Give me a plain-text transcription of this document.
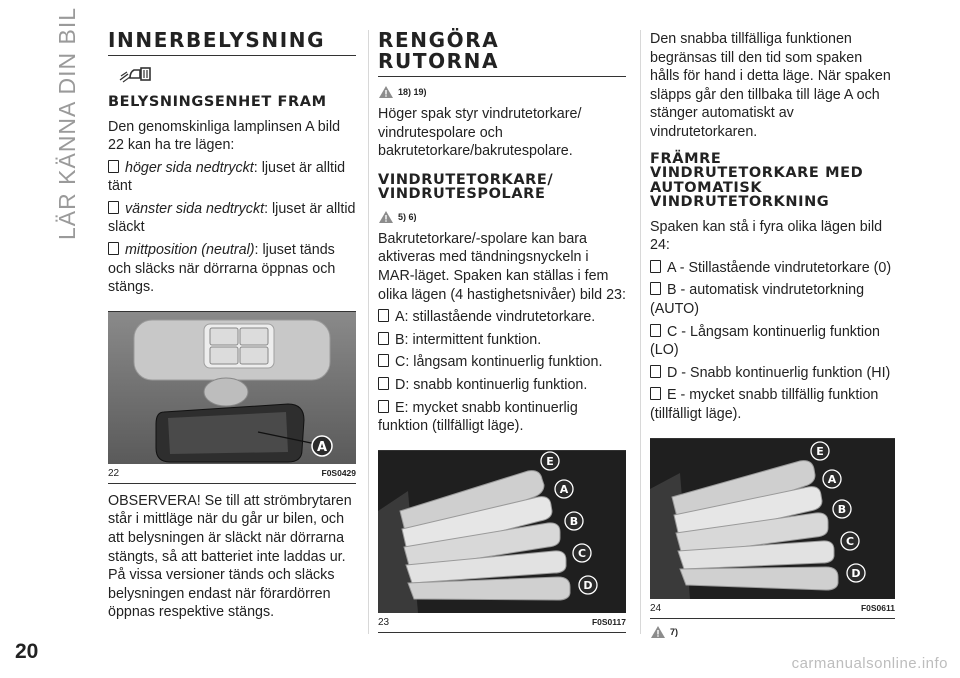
LÄR KÄNNA DIN BIL
20
carmanualsonline.info
INNERBELYSNING
BELYSNINGSENHET FRAM

Den genomskinliga lamplinsen A bild 22 kan ha tre lägen:

höger sida nedtryckt: ljuset är alltid tänt
vänster sida nedtryckt: ljuset är alltid släckt
mittposition (neutral): ljuset tänds och släcks när dörrarna öppnas och stängs.
A
22	F0S0429

OBSERVERA! Se till att strömbrytaren står i mittläge när du går ur bilen, och att belysningen är släckt när dörrarna stängts, så att batteriet inte laddas ur. På vissa versioner tänds och släcks belysningen endast när förardörren öppnas respektive stängs.

RENGÖRA RUTORNA
18) 19)

Höger spak styr vindrutetorkare/ vindrutespolare och bakrutetorkare/bakrutespolare.

VINDRUTETORKARE/ VINDRUTESPOLARE
5) 6)

Bakrutetorkare/-spolare kan bara aktiveras med tändningsnyckeln i MAR-läget. Spaken kan ställas i fem olika lägen (4 hastighetsnivåer) bild 23:

A: stillastående vindrutetorkare.
B: intermittent funktion.
C: långsam kontinuerlig funktion.
D: snabb kontinuerlig funktion.
E: mycket snabb kontinuerlig funktion (tillfälligt läge).
E
A
B
C
D
23	F0S0117

Den snabba tillfälliga funktionen begränsas till den tid som spaken hålls för hand i detta läge. När spaken släpps går den tillbaka till läge A och stänger automatiskt av vindrutetorkaren.

FRÄMRE VINDRUTETORKARE MED AUTOMATISK VINDRUTETORKNING

Spaken kan stå i fyra olika lägen bild 24:

A - Stillastående vindrutetorkare (0)
B - automatisk vindrutetorkning (AUTO)
C - Långsam kontinuerlig funktion (LO)
D - Snabb kontinuerlig funktion (HI)
E - mycket snabb tillfällig funktion (tillfälligt läge).
E
A
B
C
D
24	F0S0611
7)
